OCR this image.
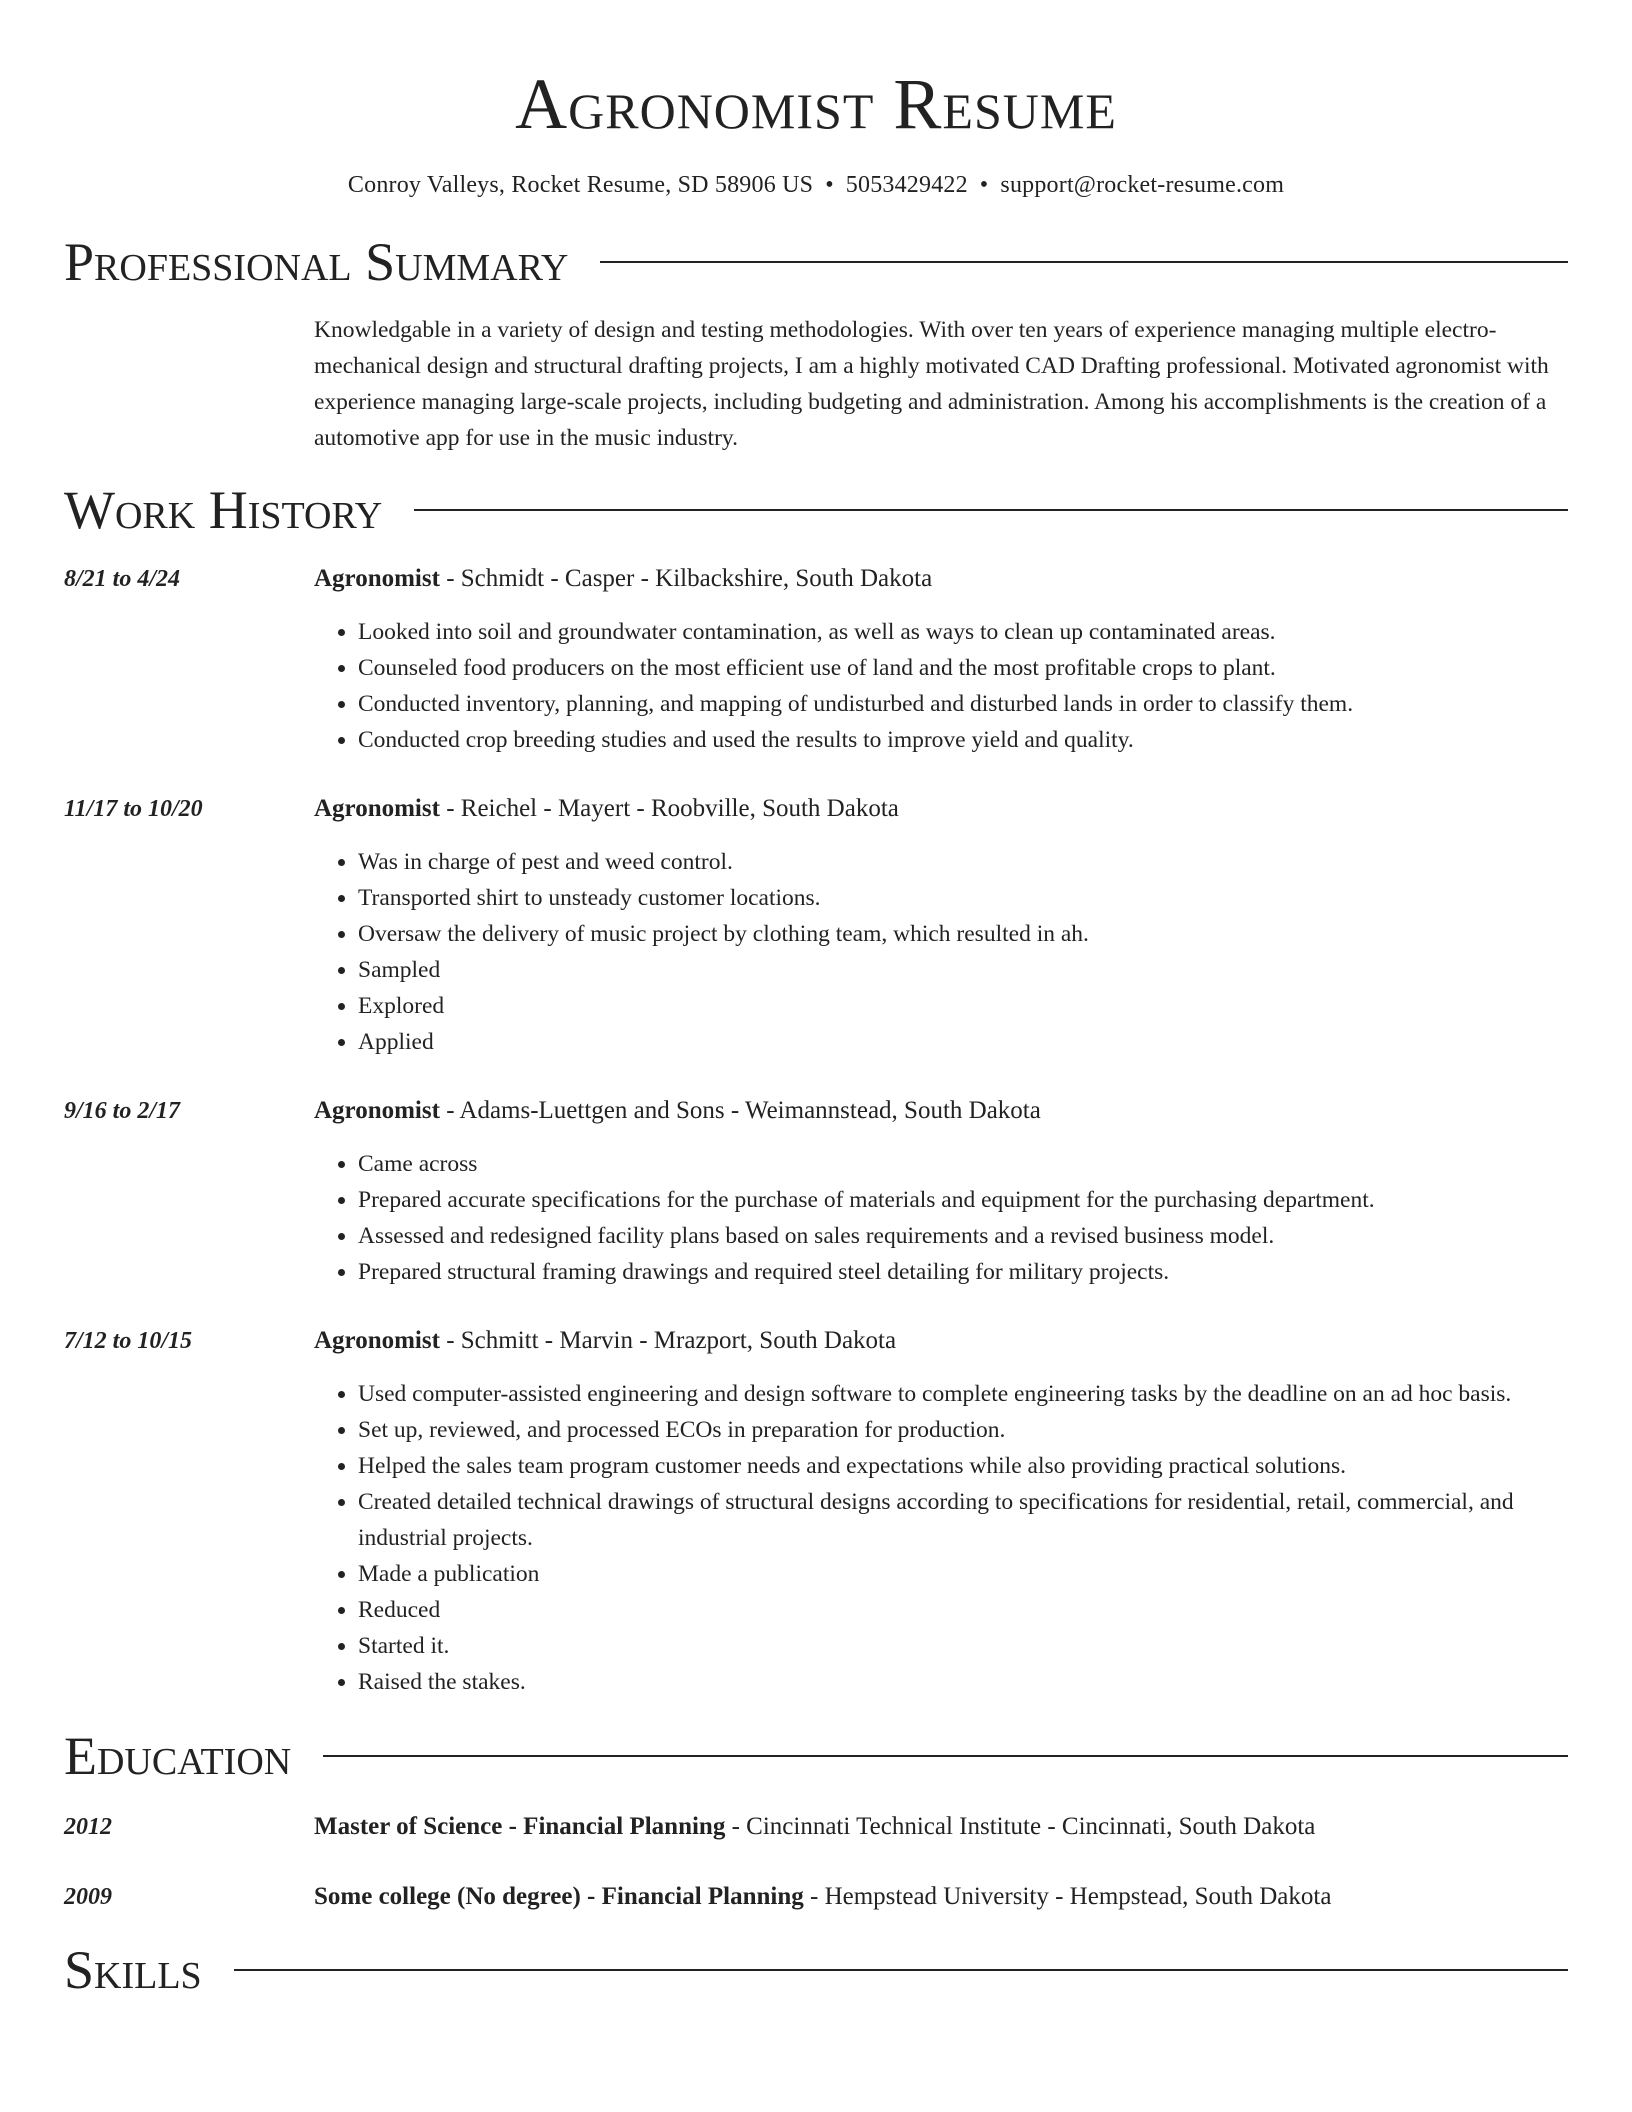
Agronomist Resume
Conroy Valleys, Rocket Resume, SD 58906 US • 5053429422 • support@rocket-resume.com
Professional Summary
Knowledgable in a variety of design and testing methodologies. With over ten years of experience managing multiple electro-mechanical design and structural drafting projects, I am a highly motivated CAD Drafting professional. Motivated agronomist with experience managing large-scale projects, including budgeting and administration. Among his accomplishments is the creation of a automotive app for use in the music industry.
Work History
8/21 to 4/24	Agronomist - Schmidt - Casper - Kilbackshire, South Dakota
• Looked into soil and groundwater contamination, as well as ways to clean up contaminated areas.
• Counseled food producers on the most efficient use of land and the most profitable crops to plant.
• Conducted inventory, planning, and mapping of undisturbed and disturbed lands in order to classify them.
• Conducted crop breeding studies and used the results to improve yield and quality.
11/17 to 10/20	Agronomist - Reichel - Mayert - Roobville, South Dakota
• Was in charge of pest and weed control.
• Transported shirt to unsteady customer locations.
• Oversaw the delivery of music project by clothing team, which resulted in ah.
• Sampled
• Explored
• Applied
9/16 to 2/17	Agronomist - Adams-Luettgen and Sons - Weimannstead, South Dakota
• Came across
• Prepared accurate specifications for the purchase of materials and equipment for the purchasing department.
• Assessed and redesigned facility plans based on sales requirements and a revised business model.
• Prepared structural framing drawings and required steel detailing for military projects.
7/12 to 10/15	Agronomist - Schmitt - Marvin - Mrazport, South Dakota
• Used computer-assisted engineering and design software to complete engineering tasks by the deadline on an ad hoc basis.
• Set up, reviewed, and processed ECOs in preparation for production.
• Helped the sales team program customer needs and expectations while also providing practical solutions.
• Created detailed technical drawings of structural designs according to specifications for residential, retail, commercial, and industrial projects.
• Made a publication
• Reduced
• Started it.
• Raised the stakes.
Education
2012	Master of Science - Financial Planning - Cincinnati Technical Institute - Cincinnati, South Dakota
2009	Some college (No degree) - Financial Planning - Hempstead University - Hempstead, South Dakota
Skills
